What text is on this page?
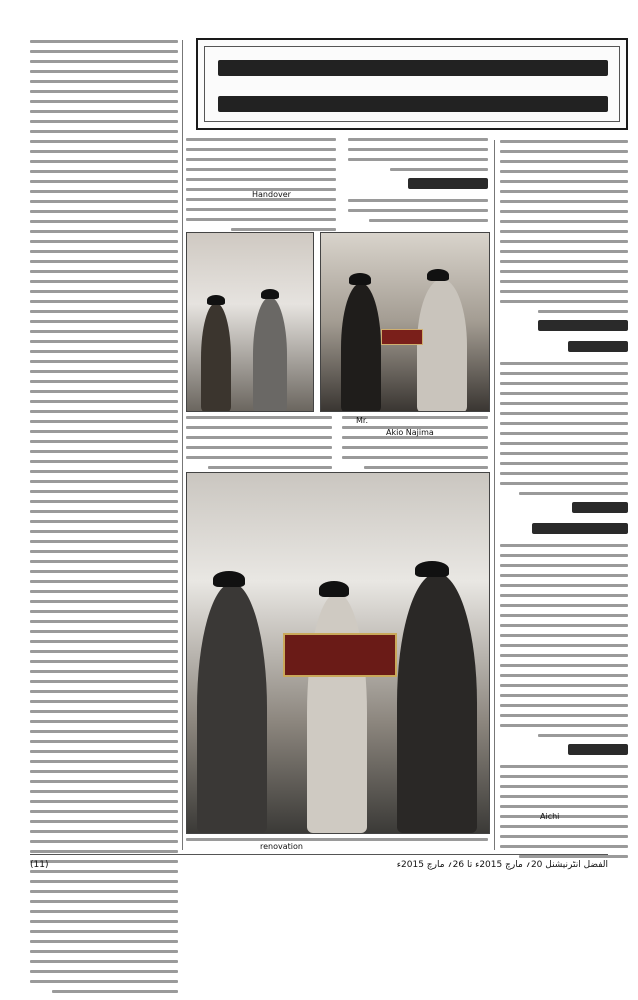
Handover
Mr.
Akio Najima
renovation
Aichi
(11)	الفضل انٹرنیشنل 20؍ مارچ 2015ء تا 26؍ مارچ 2015ء
